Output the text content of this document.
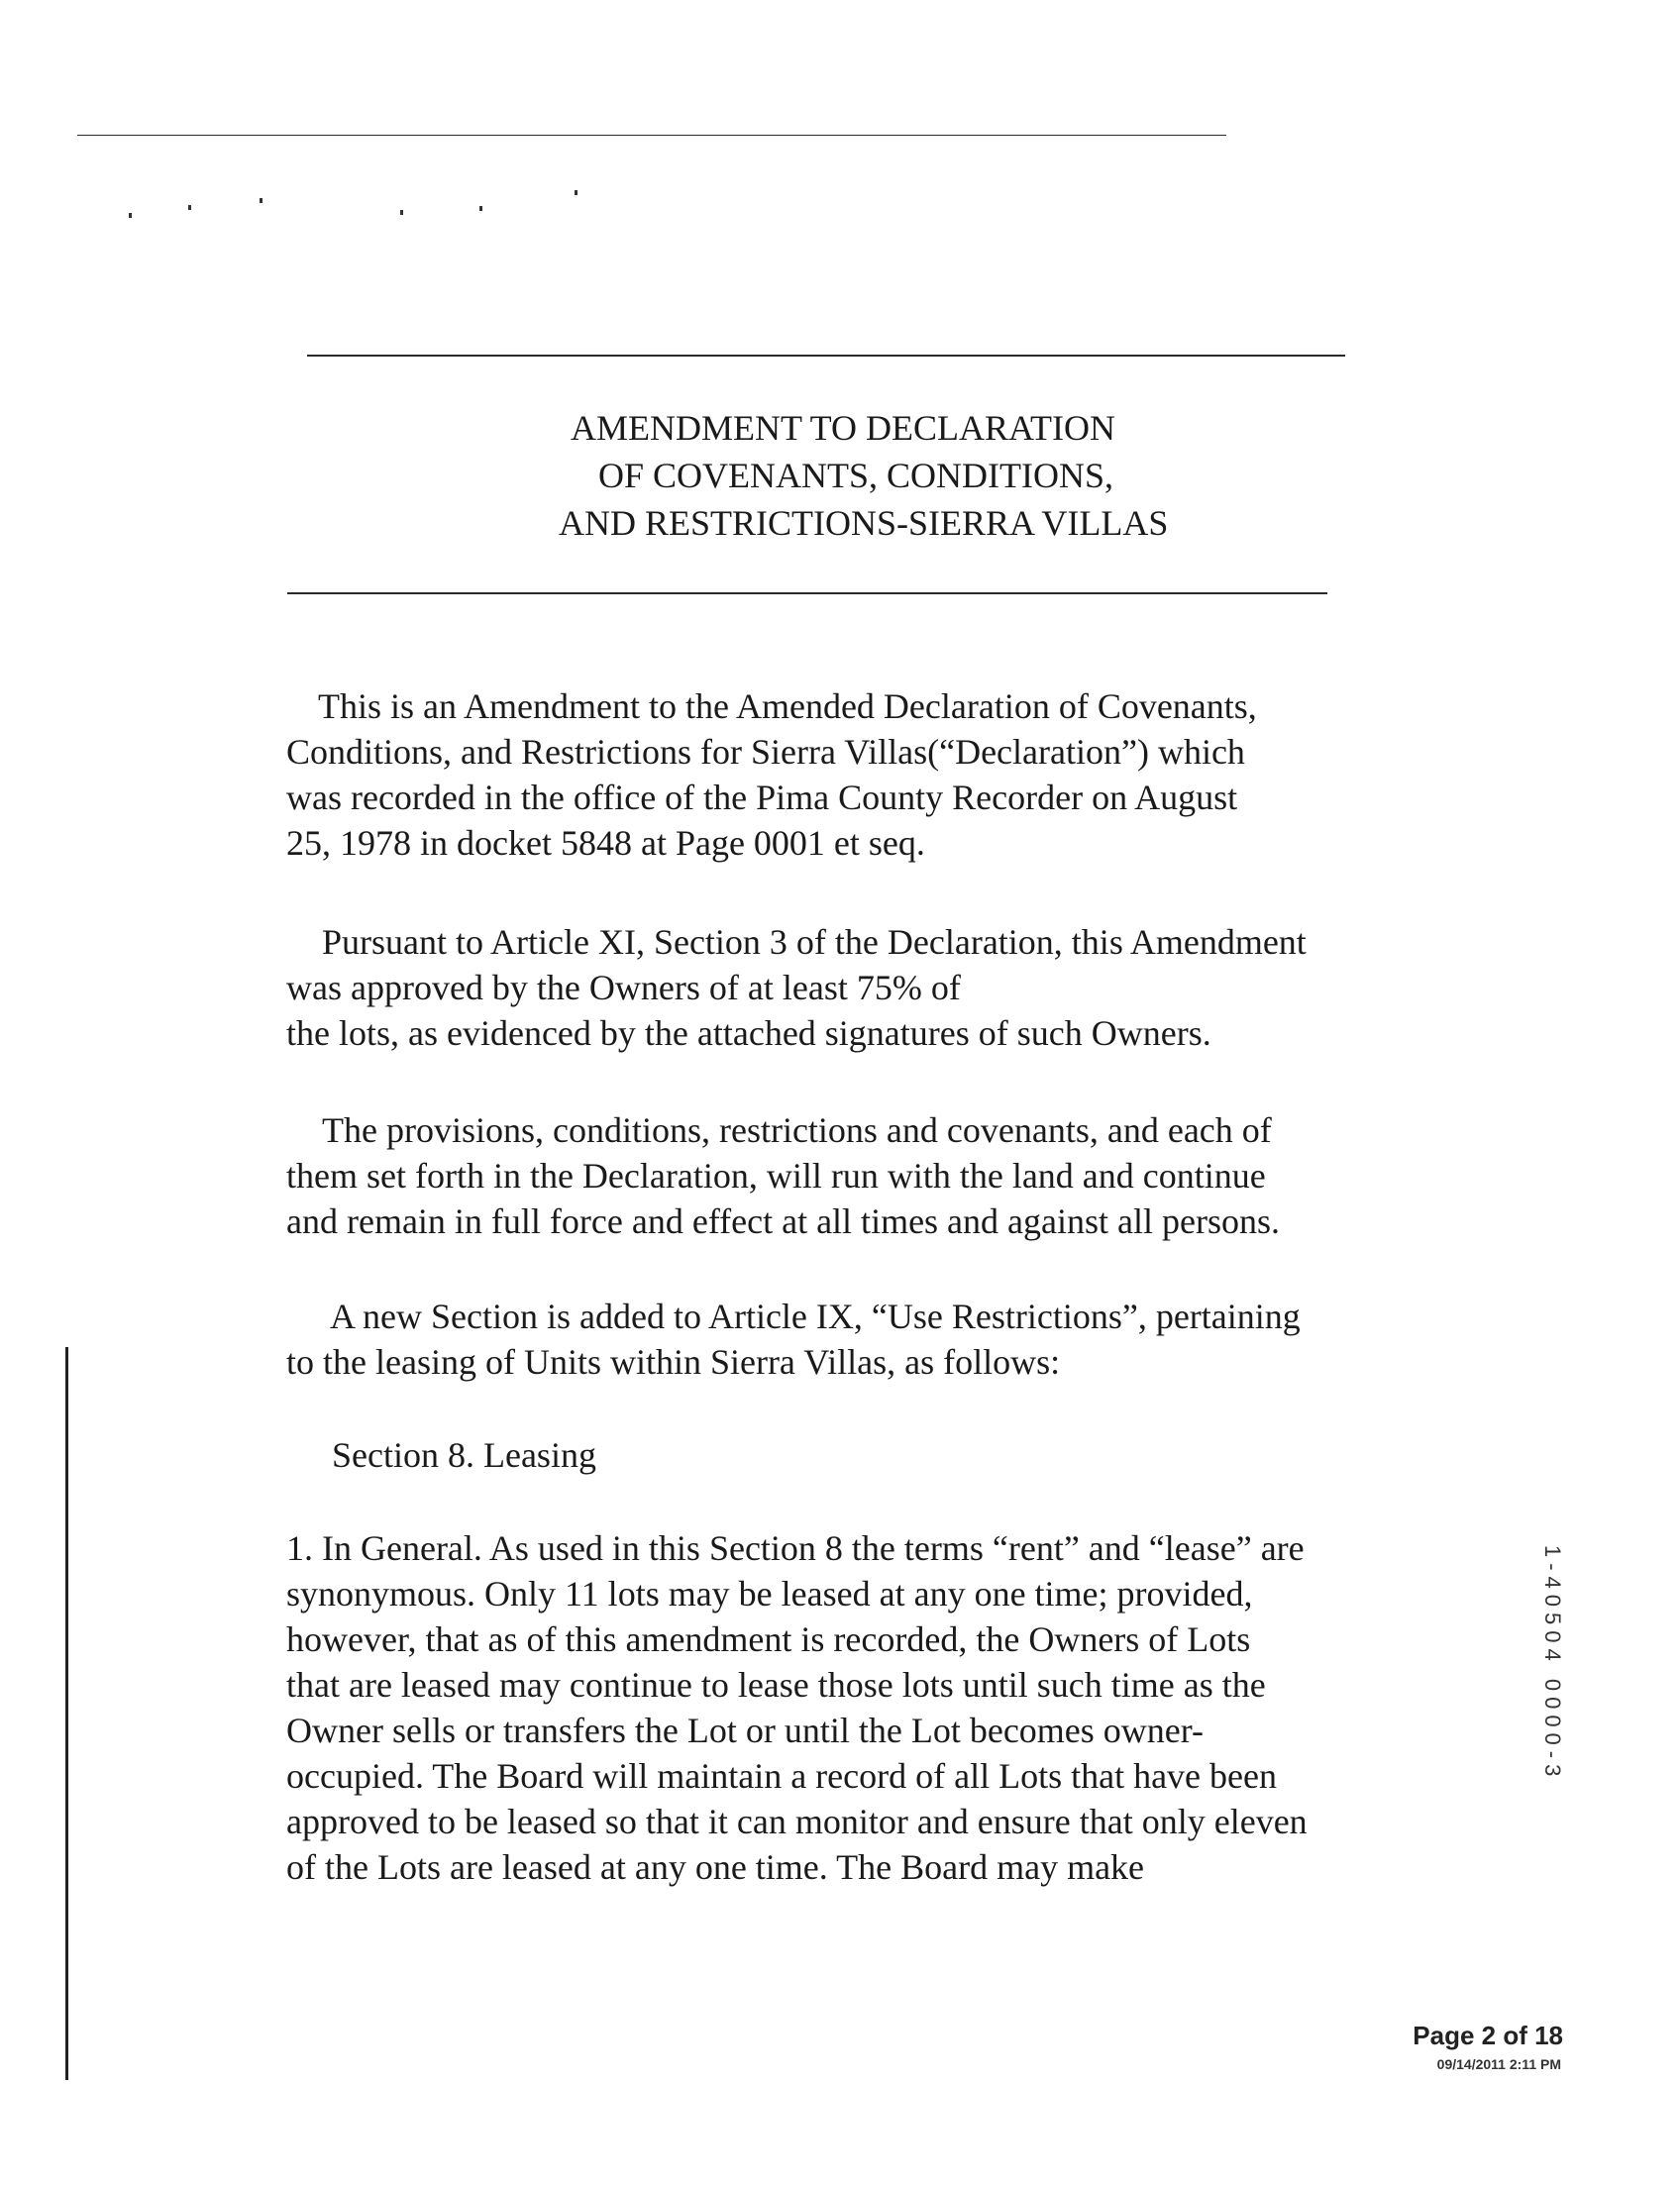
AMENDMENT TO DECLARATION
OF COVENANTS, CONDITIONS,
AND RESTRICTIONS-SIERRA VILLAS
This is an Amendment to the Amended Declaration of Covenants,
Conditions, and Restrictions for Sierra Villas(“Declaration”) which
was recorded in the office of the Pima County Recorder on August
25, 1978 in docket 5848 at Page 0001 et seq.
Pursuant to Article XI, Section 3 of the Declaration, this Amendment
was approved by the Owners of at least 75% of
the lots, as evidenced by the attached signatures of such Owners.
The provisions, conditions, restrictions and covenants, and each of
them set forth in the Declaration, will run with the land and continue
and remain in full force and effect at all times and against all persons.
A new Section is added to Article IX, “Use Restrictions”, pertaining
to the leasing of Units within Sierra Villas, as follows:
Section 8. Leasing
1. In General. As used in this Section 8 the terms “rent” and “lease” are
synonymous. Only 11 lots may be leased at any one time; provided,
however, that as of this amendment is recorded, the Owners of Lots
that are leased may continue to lease those lots until such time as the
Owner sells or transfers the Lot or until the Lot becomes owner-
occupied. The Board will maintain a record of all Lots that have been
approved to be leased so that it can monitor and ensure that only eleven
of the Lots are leased at any one time. The Board may make
1-40504 0000-3
Page 2 of 18
09/14/2011 2:11 PM
